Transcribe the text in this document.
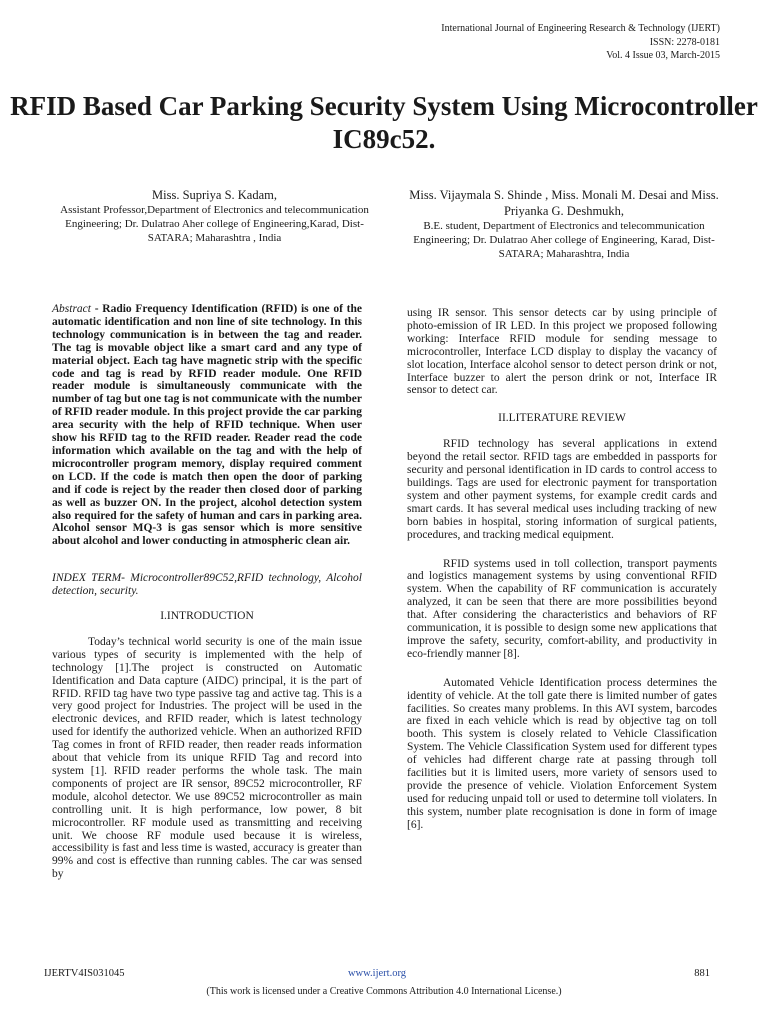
International Journal of Engineering Research & Technology (IJERT)
ISSN: 2278-0181
Vol. 4 Issue 03, March-2015
RFID Based Car Parking Security System Using Microcontroller IC89c52.
Miss. Supriya S. Kadam,
Assistant Professor,Department of Electronics and telecommunication Engineering; Dr. Dulatrao Aher college of Engineering,Karad, Dist-SATARA; Maharashtra , India
Miss. Vijaymala S. Shinde , Miss. Monali M. Desai and Miss. Priyanka G. Deshmukh,
B.E. student, Department of Electronics and telecommunication Engineering; Dr. Dulatrao Aher college of Engineering, Karad, Dist-SATARA; Maharashtra, India

Abstract - Radio Frequency Identification (RFID) is one of the automatic identification and non line of site technology. In this technology communication is in between the tag and reader. The tag is movable object like a smart card and any type of material object. Each tag have magnetic strip with the specific code and tag is read by RFID reader module. One RFID reader module is simultaneously communicate with the number of tag but one tag is not communicate with the number of RFID reader module. In this project provide the car parking area security with the help of RFID technique. When user show his RFID tag to the RFID reader. Reader read the code information which available on the tag and with the help of microcontroller program memory, display required comment on LCD. If the code is match then open the door of parking and if code is reject by the reader then closed door of parking as well as buzzer ON. In the project, alcohol detection system also required for the safety of human and cars in parking area. Alcohol sensor MQ-3 is gas sensor which is more sensitive about alcohol and lower conducting in atmospheric clean air.

INDEX TERM- Microcontroller89C52,RFID technology, Alcohol detection, security.

I.INTRODUCTION

Today’s technical world security is one of the main issue various types of security is implemented with the help of technology [1].The project is constructed on Automatic Identification and Data capture (AIDC) principal, it is the part of RFID. RFID tag have two type passive tag and active tag. This is a very good project for Industries. The project will be used in the electronic devices, and RFID reader, which is latest technology used for identify the authorized vehicle. When an authorized RFID Tag comes in front of RFID reader, then reader reads information about that vehicle from its unique RFID Tag and record into system [1]. RFID reader performs the whole task. The main components of project are IR sensor, 89C52 microcontroller, RF module, alcohol detector. We use 89C52 microcontroller as main controlling unit. It is high performance, low power, 8 bit microcontroller. RF module used as transmitting and receiving unit. We choose RF module used because it is wireless, accessibility is fast and less time is wasted, accuracy is greater than 99% and cost is effective than running cables. The car was sensed by

using IR sensor. This sensor detects car by using principle of photo-emission of IR LED. In this project we proposed following working: Interface RFID module for sending message to microcontroller, Interface LCD display to display the vacancy of slot location, Interface alcohol sensor to detect person drink or not, Interface buzzer to alert the person drink or not, Interface IR sensor to detect car.

II.LITERATURE REVIEW

RFID technology has several applications in extend beyond the retail sector. RFID tags are embedded in passports for security and personal identification in ID cards to control access to buildings. Tags are used for electronic payment for transportation system and other payment systems, for example credit cards and smart cards. It has several medical uses including tracking of new born babies in hospital, storing information of surgical patients, procedures, and tracking medical equipment.

RFID systems used in toll collection, transport payments and logistics management systems by using conventional RFID system. When the capability of RF communication is accurately analyzed, it can be seen that there are more possibilities beyond that. After considering the characteristics and behaviors of RF communication, it is possible to design some new applications that improve the safety, security, comfort-ability, and productivity in eco-friendly manner [8].

Automated Vehicle Identification process determines the identity of vehicle. At the toll gate there is limited number of gates facilities. So creates many problems. In this AVI system, barcodes are fixed in each vehicle which is read by objective tag on toll booth. This system is closely related to Vehicle Classification System. The Vehicle Classification System used for different types of vehicles had different charge rate at passing through toll facilities but it is limited users, more variety of sensors used to provide the presence of vehicle. Violation Enforcement System used for reducing unpaid toll or used to determine toll violaters. In this system, number plate recognisation is done in form of image [6].

IJERTV4IS031045	www.ijert.org	881
(This work is licensed under a Creative Commons Attribution 4.0 International License.)
